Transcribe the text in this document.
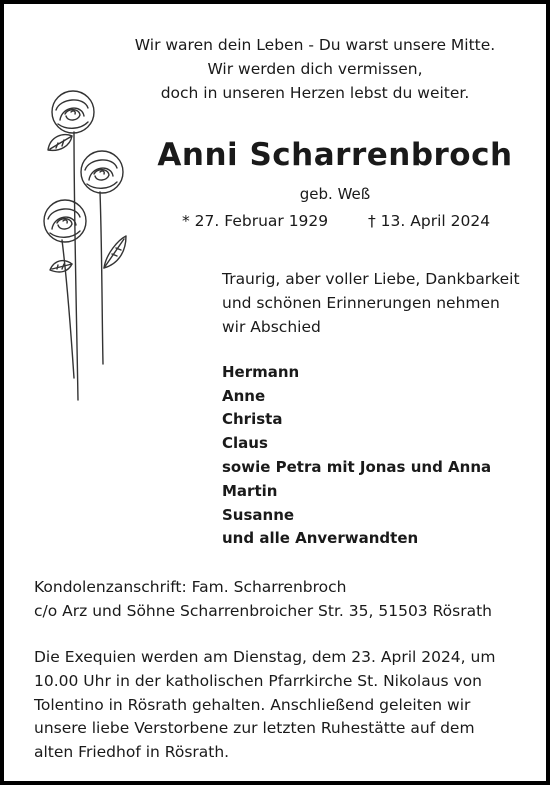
Wir waren dein Leben - Du warst unsere Mitte.

Wir werden dich vermissen,

doch in unseren Herzen lebst du weiter.

Anni Scharrenbroch

geb. Weß

* 27. Februar 1929	† 13. April 2024

Traurig, aber voller Liebe, Dankbarkeit

und schönen Erinnerungen nehmen

wir Abschied

Hermann

Anne

Christa

Claus

sowie Petra mit Jonas und Anna

Martin

Susanne

und alle Anverwandten

Kondolenzanschrift: Fam. Scharrenbroch

c/o Arz und Söhne Scharrenbroicher Str. 35, 51503 Rösrath

Die Exequien werden am Dienstag, dem 23. April 2024, um

10.00 Uhr in der katholischen Pfarrkirche St. Nikolaus von

Tolentino in Rösrath gehalten. Anschließend geleiten wir

unsere liebe Verstorbene zur letzten Ruhestätte auf dem

alten Friedhof in Rösrath.
